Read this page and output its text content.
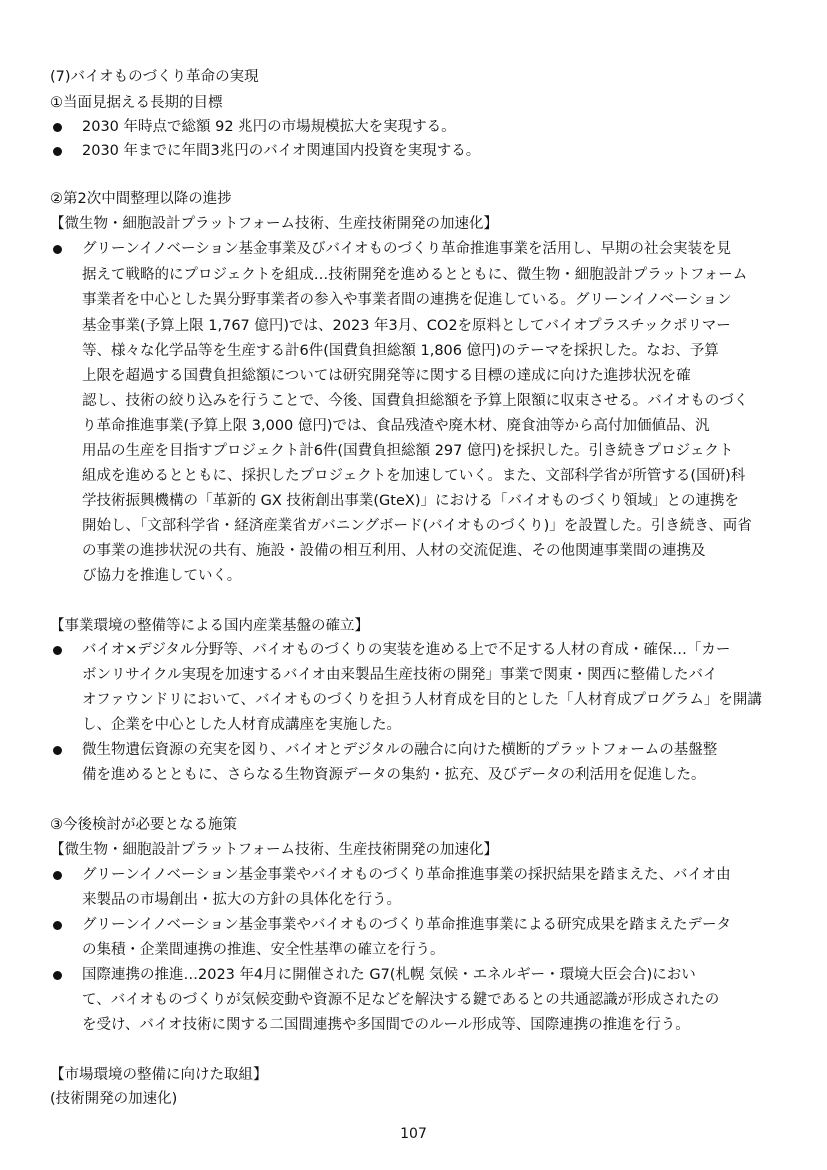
(7)バイオものづくり革命の実現
①当面見据える長期的目標
2030 年時点で総額 92 兆円の市場規模拡大を実現する。
2030 年までに年間3兆円のバイオ関連国内投資を実現する。
②第2次中間整理以降の進捗
【微生物・細胞設計プラットフォーム技術、生産技術開発の加速化】
グリーンイノベーション基金事業及びバイオものづくり革命推進事業を活用し、早期の社会実装を見
据えて戦略的にプロジェクトを組成…技術開発を進めるとともに、微生物・細胞設計プラットフォーム
事業者を中心とした異分野事業者の参入や事業者間の連携を促進している。グリーンイノベーション
基金事業(予算上限 1,767 億円)では、2023 年3月、CO2を原料としてバイオプラスチックポリマー
等、様々な化学品等を生産する計6件(国費負担総額 1,806 億円)のテーマを採択した。なお、予算
上限を超過する国費負担総額については研究開発等に関する目標の達成に向けた進捗状況を確
認し、技術の絞り込みを行うことで、今後、国費負担総額を予算上限額に収束させる。バイオものづく
り革命推進事業(予算上限 3,000 億円)では、食品残渣や廃木材、廃食油等から高付加価値品、汎
用品の生産を目指すプロジェクト計6件(国費負担総額 297 億円)を採択した。引き続きプロジェクト
組成を進めるとともに、採択したプロジェクトを加速していく。また、文部科学省が所管する(国研)科
学技術振興機構の「革新的 GX 技術創出事業(GteX)」における「バイオものづくり領域」との連携を
開始し、「文部科学省・経済産業省ガバニングボード(バイオものづくり)」を設置した。引き続き、両省
の事業の進捗状況の共有、施設・設備の相互利用、人材の交流促進、その他関連事業間の連携及
び協力を推進していく。
【事業環境の整備等による国内産業基盤の確立】
バイオ×デジタル分野等、バイオものづくりの実装を進める上で不足する人材の育成・確保…「カー
ボンリサイクル実現を加速するバイオ由来製品生産技術の開発」事業で関東・関西に整備したバイ
オファウンドリにおいて、バイオものづくりを担う人材育成を目的とした「人材育成プログラム」を開講
し、企業を中心とした人材育成講座を実施した。
微生物遺伝資源の充実を図り、バイオとデジタルの融合に向けた横断的プラットフォームの基盤整
備を進めるとともに、さらなる生物資源データの集約・拡充、及びデータの利活用を促進した。
③今後検討が必要となる施策
【微生物・細胞設計プラットフォーム技術、生産技術開発の加速化】
グリーンイノベーション基金事業やバイオものづくり革命推進事業の採択結果を踏まえた、バイオ由
来製品の市場創出・拡大の方針の具体化を行う。
グリーンイノベーション基金事業やバイオものづくり革命推進事業による研究成果を踏まえたデータ
の集積・企業間連携の推進、安全性基準の確立を行う。
国際連携の推進…2023 年4月に開催された G7(札幌 気候・エネルギー・環境大臣会合)におい
て、バイオものづくりが気候変動や資源不足などを解決する鍵であるとの共通認識が形成されたの
を受け、バイオ技術に関する二国間連携や多国間でのルール形成等、国際連携の推進を行う。
【市場環境の整備に向けた取組】
(技術開発の加速化)
107
